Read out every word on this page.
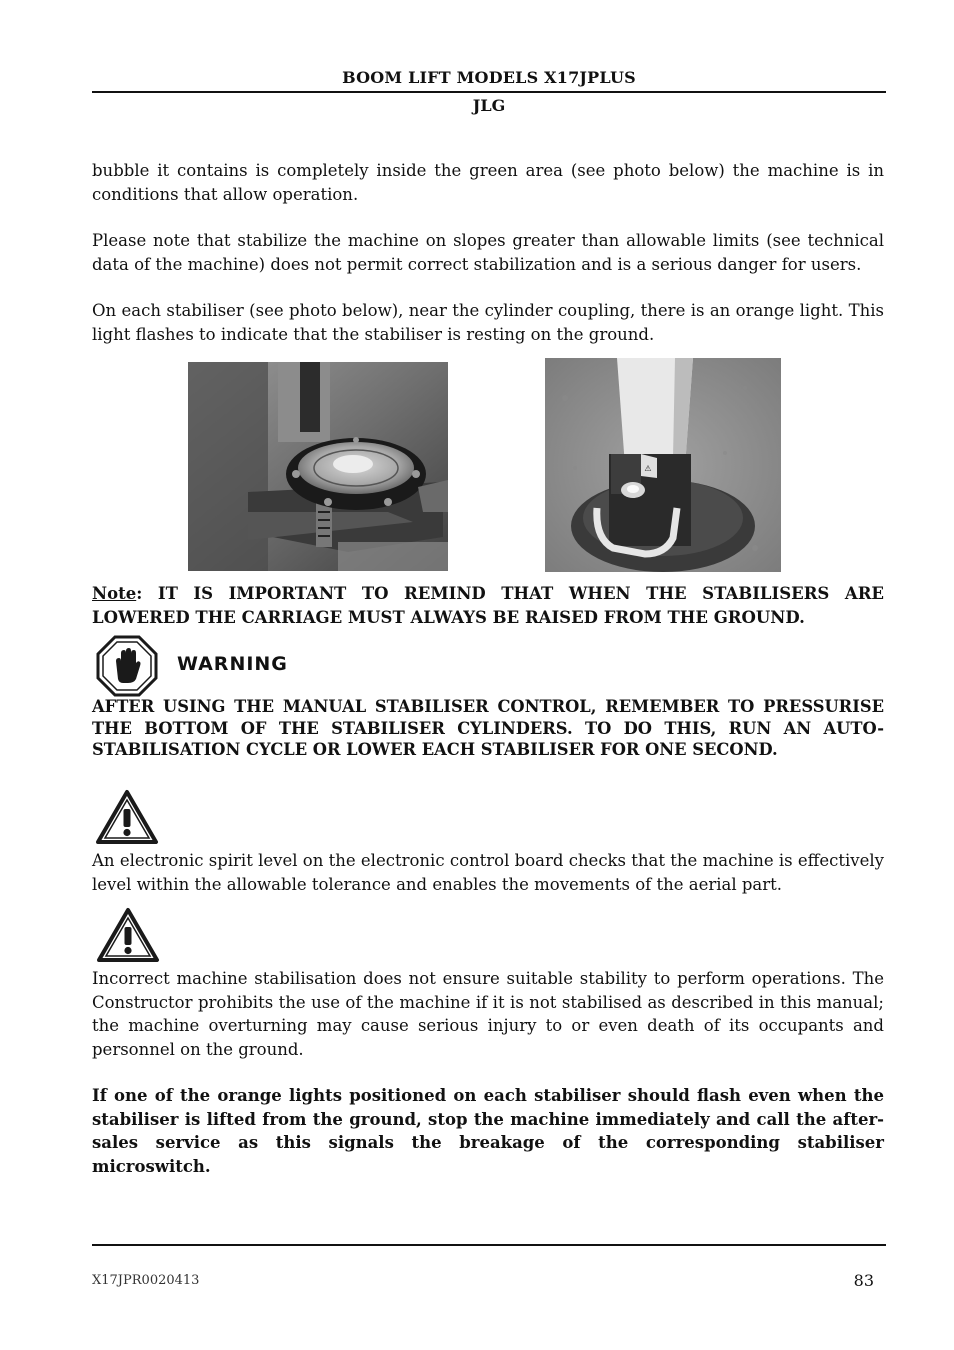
BOOM LIFT MODELS X17JPLUS
JLG
bubble it contains is completely inside the green area (see photo below) the machine is in conditions that allow operation.
Please note that stabilize the machine on slopes greater than allowable limits (see technical data of the machine) does not permit correct stabilization and is a serious danger for users.
On each stabiliser (see photo below), near the cylinder coupling, there is an orange light. This light flashes to indicate that the stabiliser is resting on the ground.
⚠
Note: IT IS IMPORTANT TO REMIND THAT WHEN THE STABILISERS ARE LOWERED THE CARRIAGE MUST ALWAYS BE RAISED FROM THE GROUND.
WARNING
AFTER USING THE MANUAL STABILISER CONTROL, REMEMBER TO PRESSURISE THE BOTTOM OF THE STABILISER CYLINDERS. TO DO THIS, RUN AN AUTO-STABILISATION CYCLE OR LOWER EACH STABILISER FOR ONE SECOND.
An electronic spirit level on the electronic control board checks that the machine is effectively level within the allowable tolerance and enables the movements of the aerial part.
Incorrect machine stabilisation does not ensure suitable stability to perform operations. The Constructor prohibits the use of the machine if it is not stabilised as described in this manual; the machine overturning may cause serious injury to or even death of its occupants and personnel on the ground.
If one of the orange lights positioned on each stabiliser should flash even when the stabiliser is lifted from the ground, stop the machine immediately and call the after-sales service as this signals the breakage of the corresponding stabiliser microswitch.
X17JPR0020413	83
